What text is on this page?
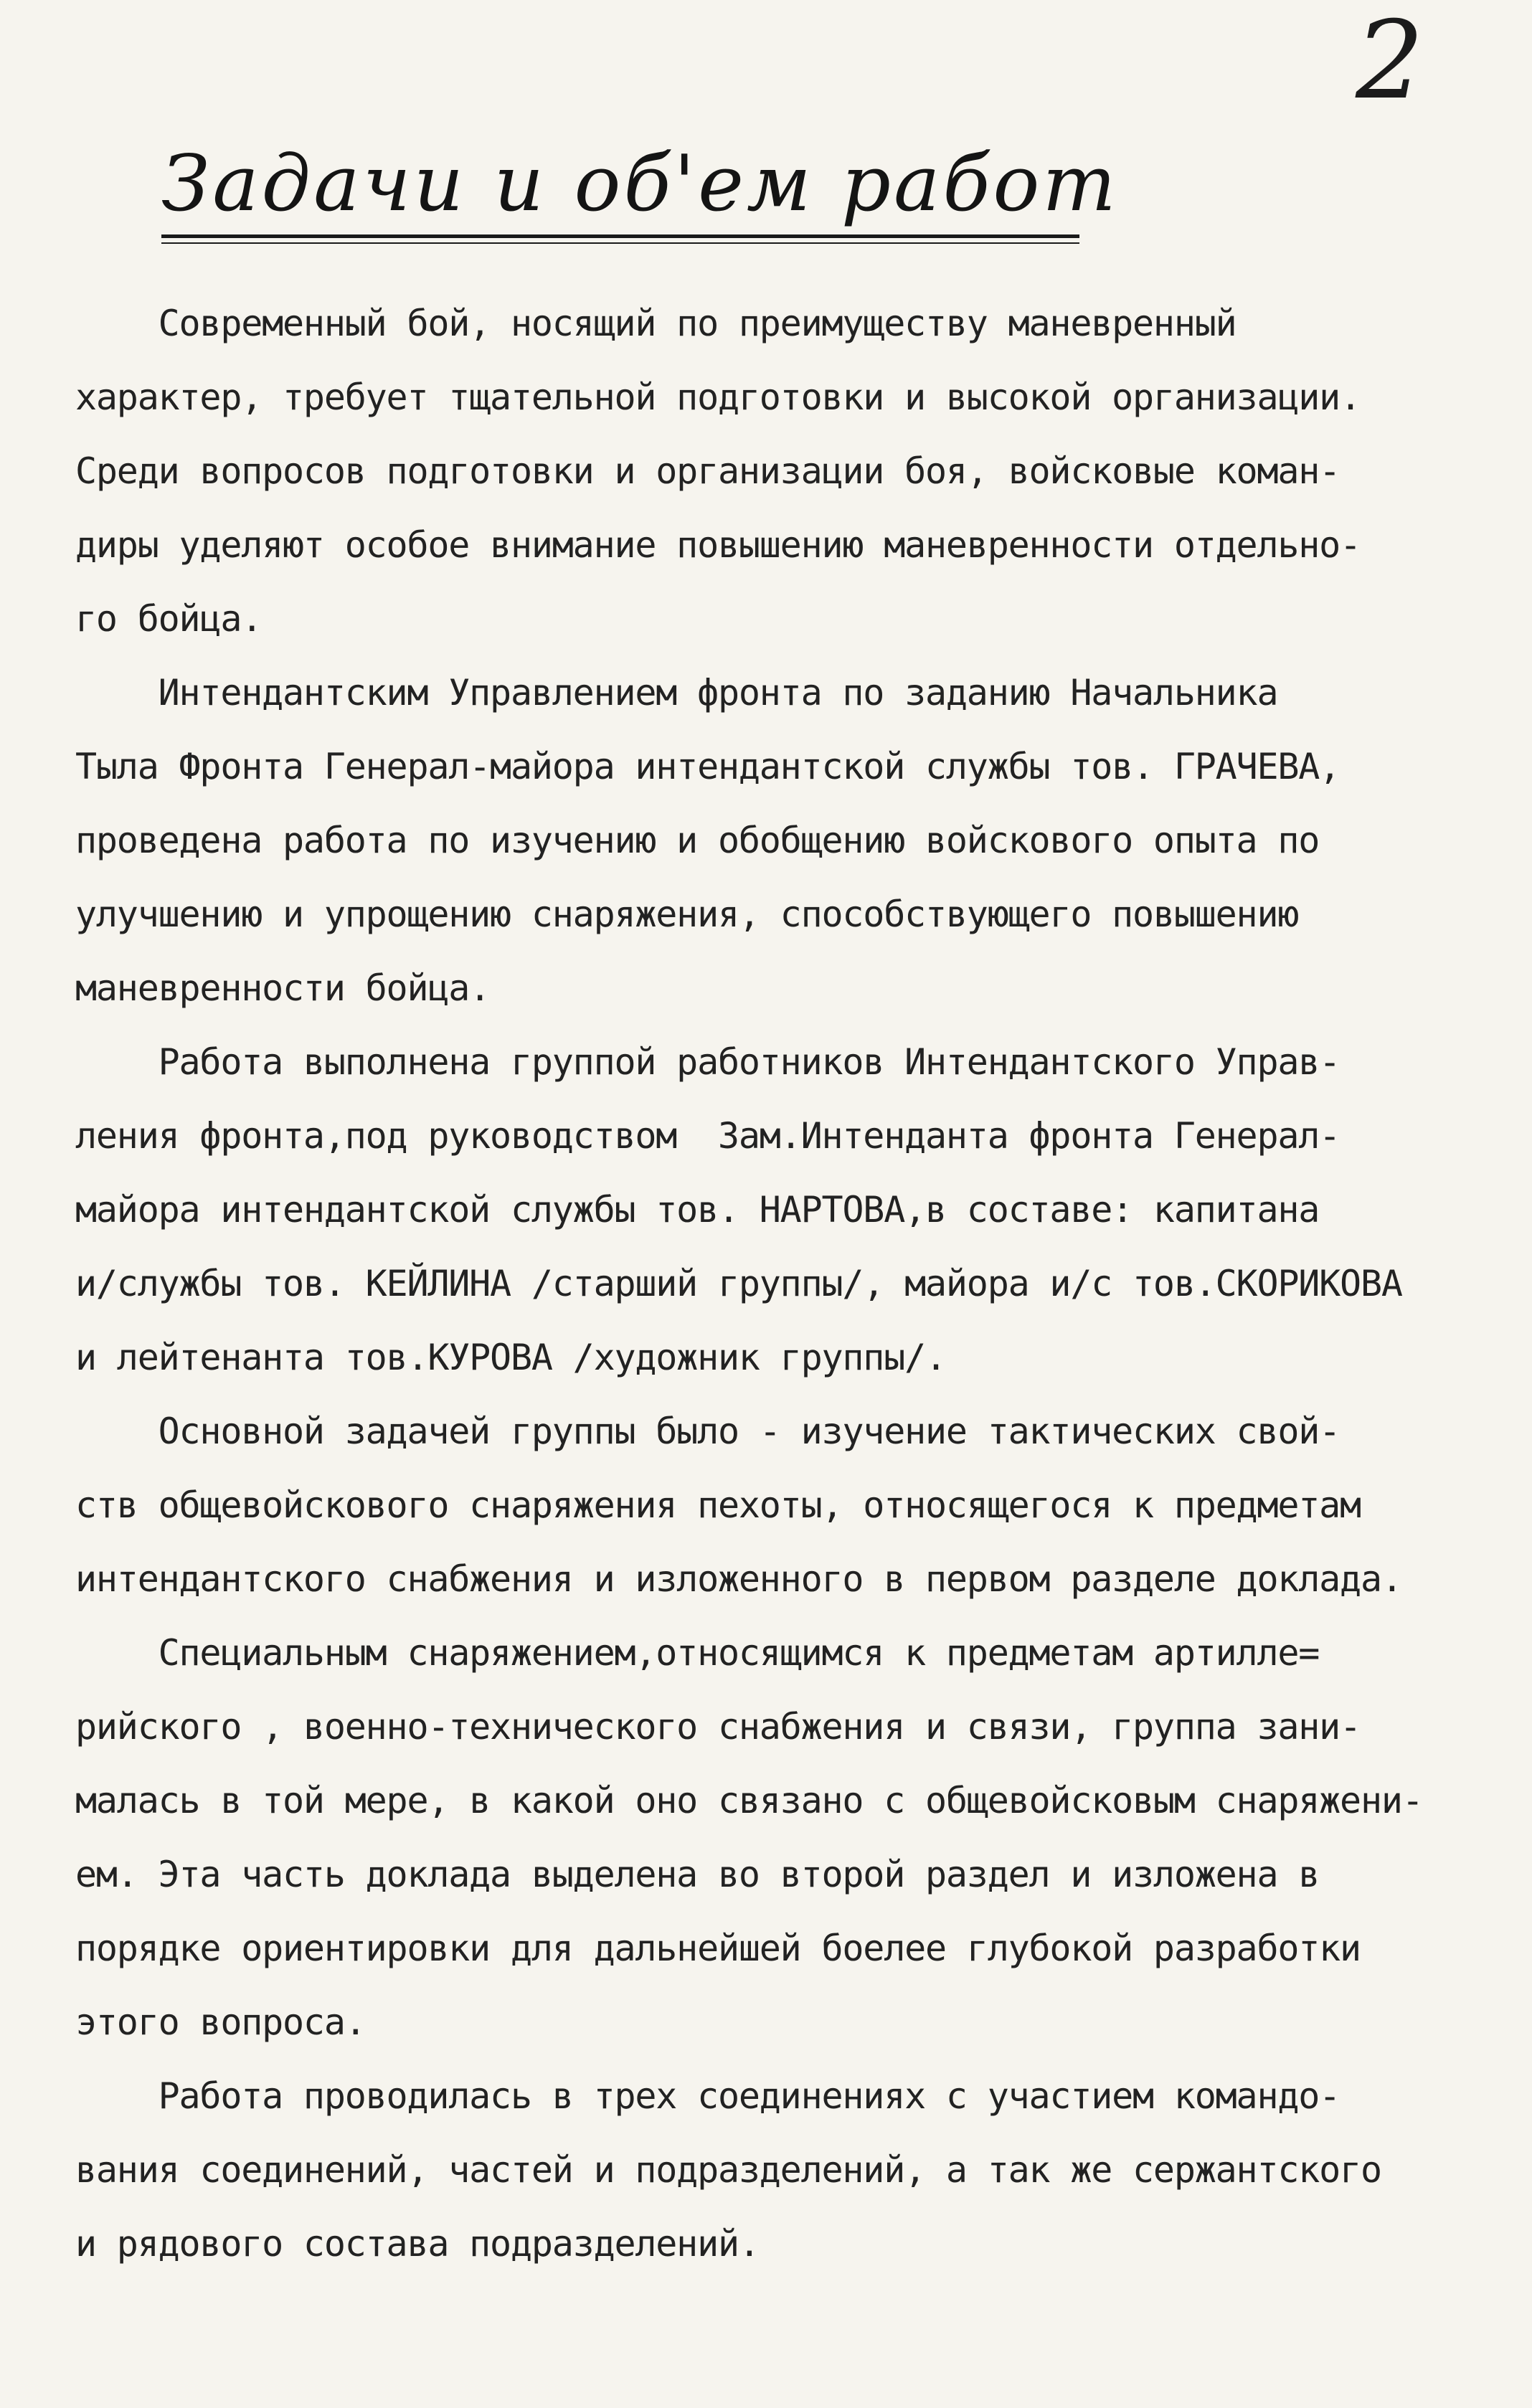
2
Задачи и об'ем работ
Современный бой, носящий по преимуществу маневренный
характер, требует тщательной подготовки и высокой организации.
Среди вопросов подготовки и организации боя, войсковые коман-
диры уделяют особое внимание повышению маневренности отдельно-
го бойца.
Интендантским Управлением фронта по заданию Начальника
Тыла Фронта Генерал-майора интендантской службы тов. ГРАЧЕВА,
проведена работа по изучению и обобщению войскового опыта по
улучшению и упрощению снаряжения, способствующего повышению
маневренности бойца.
Работа выполнена группой работников Интендантского Управ-
ления фронта,под руководством  Зам.Интенданта фронта Генерал-
майора интендантской службы тов. НАРТОВА,в составе: капитана
и/службы тов. КЕЙЛИНА /старший группы/, майора и/с тов.СКОРИКОВА
и лейтенанта тов.КУРОВА /художник группы/.
Основной задачей группы было - изучение тактических свой-
ств общевойскового снаряжения пехоты, относящегося к предметам
интендантского снабжения и изложенного в первом разделе доклада.
Специальным снаряжением,относящимся к предметам артилле=
рийского , военно-технического снабжения и связи, группа зани-
малась в той мере, в какой оно связано с общевойсковым снаряжени-
ем. Эта часть доклада выделена во второй раздел и изложена в
порядке ориентировки для дальнейшей боелее глубокой разработки
этого вопроса.
Работа проводилась в трех соединениях с участием командо-
вания соединений, частей и подразделений, а так же сержантского
и рядового состава подразделений.
